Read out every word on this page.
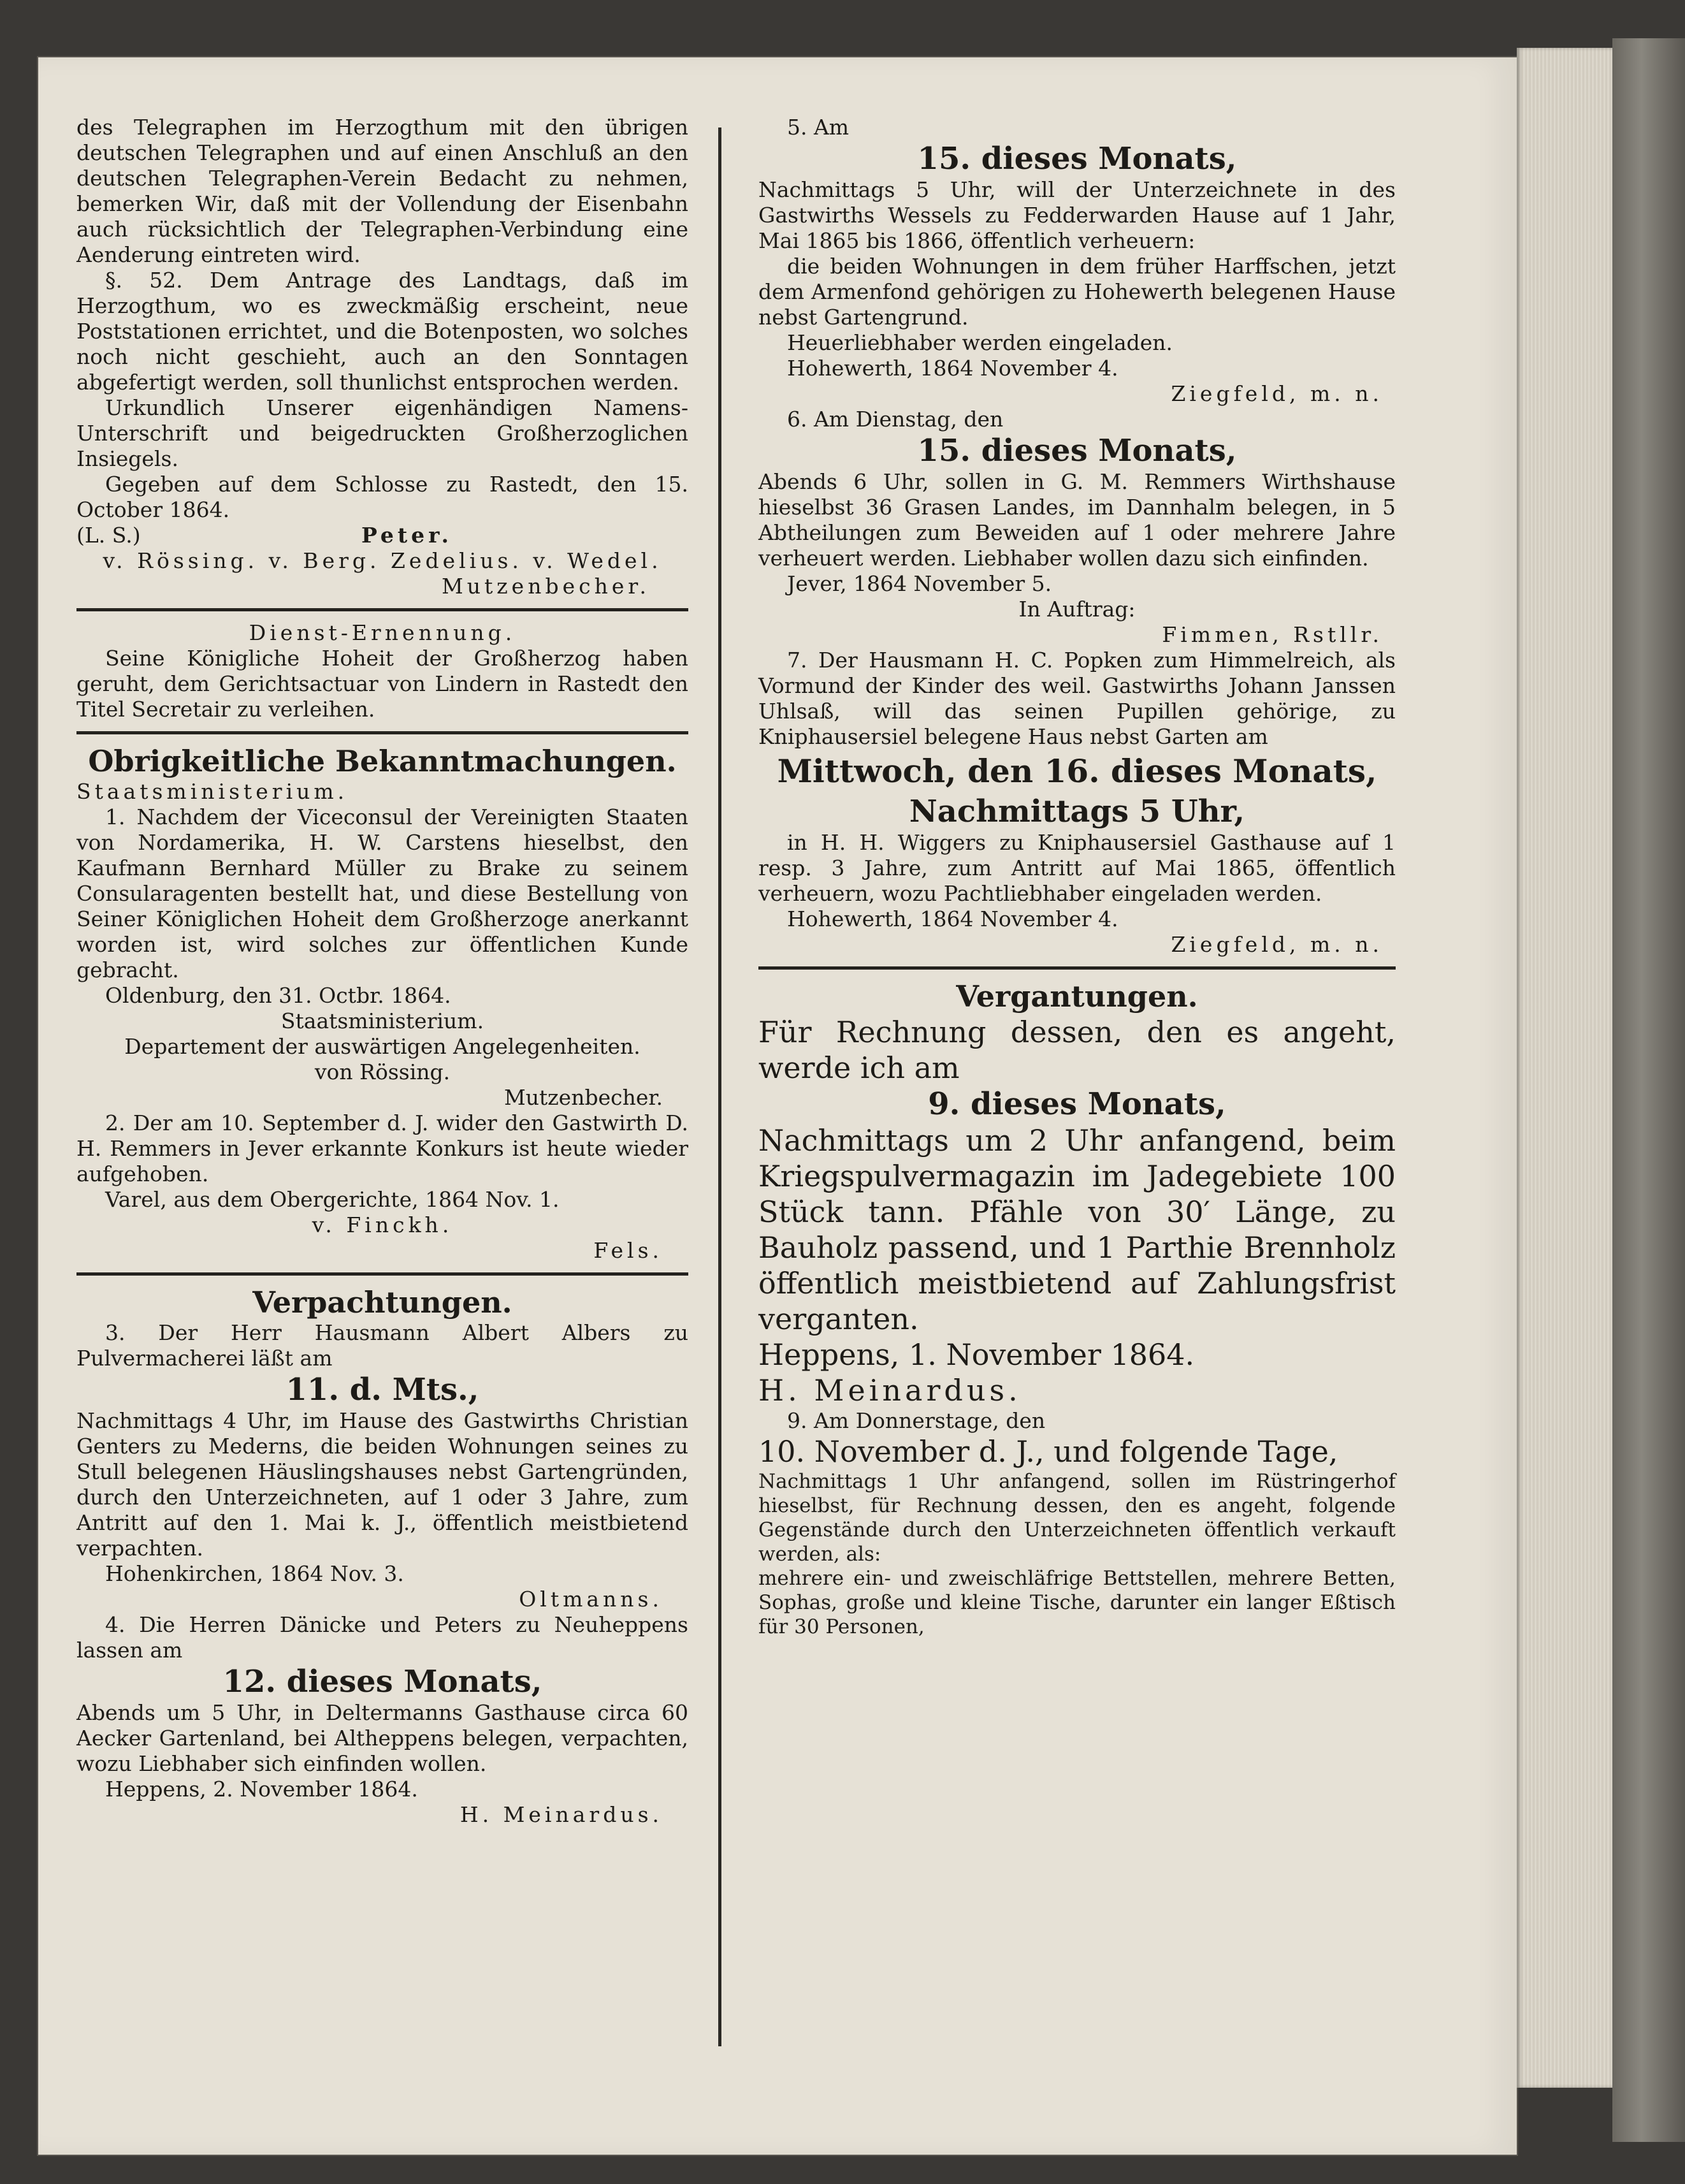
des Telegraphen im Herzogthum mit den übrigen deutschen Telegraphen und auf einen Anschluß an den deutschen Telegraphen-Verein Bedacht zu nehmen, bemerken Wir, daß mit der Vollendung der Eisenbahn auch rücksichtlich der Telegraphen-Verbindung eine Aenderung eintreten wird.

§. 52. Dem Antrage des Landtags, daß im Herzogthum, wo es zweckmäßig erscheint, neue Poststationen errichtet, und die Botenposten, wo solches noch nicht geschieht, auch an den Sonntagen abgefertigt werden, soll thunlichst entsprochen werden.

Urkundlich Unserer eigenhändigen Namens-Unterschrift und beigedruckten Großherzoglichen Insiegels.

Gegeben auf dem Schlosse zu Rastedt, den 15. October 1864.

(L. S.)	Peter.

v. Rössing. v. Berg. Zedelius. v. Wedel.

Mutzenbecher.

Dienst-Ernennung.

Seine Königliche Hoheit der Großherzog haben geruht, dem Gerichtsactuar von Lindern in Rastedt den Titel Secretair zu verleihen.

Obrigkeitliche Bekanntmachungen.

Staatsministerium.

1. Nachdem der Viceconsul der Vereinigten Staaten von Nordamerika, H. W. Carstens hieselbst, den Kaufmann Bernhard Müller zu Brake zu seinem Consularagenten bestellt hat, und diese Bestellung von Seiner Königlichen Hoheit dem Großherzoge anerkannt worden ist, wird solches zur öffentlichen Kunde gebracht.

Oldenburg, den 31. Octbr. 1864.

Staatsministerium.

Departement der auswärtigen Angelegenheiten.

von Rössing.

Mutzenbecher.

2. Der am 10. September d. J. wider den Gastwirth D. H. Remmers in Jever erkannte Konkurs ist heute wieder aufgehoben.

Varel, aus dem Obergerichte, 1864 Nov. 1.

v. Finckh.

Fels.

Verpachtungen.

3. Der Herr Hausmann Albert Albers zu Pulvermacherei läßt am

11. d. Mts.,

Nachmittags 4 Uhr, im Hause des Gastwirths Christian Genters zu Mederns, die beiden Wohnungen seines zu Stull belegenen Häuslingshauses nebst Gartengründen, durch den Unterzeichneten, auf 1 oder 3 Jahre, zum Antritt auf den 1. Mai k. J., öffentlich meistbietend verpachten.

Hohenkirchen, 1864 Nov. 3.

Oltmanns.

4. Die Herren Dänicke und Peters zu Neuheppens lassen am

12. dieses Monats,

Abends um 5 Uhr, in Deltermanns Gasthause circa 60 Aecker Gartenland, bei Altheppens belegen, verpachten, wozu Liebhaber sich einfinden wollen.

Heppens, 2. November 1864.

H. Meinardus.

5. Am

15. dieses Monats,

Nachmittags 5 Uhr, will der Unterzeichnete in des Gastwirths Wessels zu Fedderwarden Hause auf 1 Jahr, Mai 1865 bis 1866, öffentlich verheuern:

die beiden Wohnungen in dem früher Harffschen, jetzt dem Armenfond gehörigen zu Hohewerth belegenen Hause nebst Gartengrund.

Heuerliebhaber werden eingeladen.

Hohewerth, 1864 November 4.

Ziegfeld, m. n.

6. Am Dienstag, den

15. dieses Monats,

Abends 6 Uhr, sollen in G. M. Remmers Wirthshause hieselbst 36 Grasen Landes, im Dannhalm belegen, in 5 Abtheilungen zum Beweiden auf 1 oder mehrere Jahre verheuert werden. Liebhaber wollen dazu sich einfinden.

Jever, 1864 November 5.

In Auftrag:

Fimmen, Rstllr.

7. Der Hausmann H. C. Popken zum Himmelreich, als Vormund der Kinder des weil. Gastwirths Johann Janssen Uhlsaß, will das seinen Pupillen gehörige, zu Kniphausersiel belegene Haus nebst Garten am

Mittwoch, den 16. dieses Monats,

Nachmittags 5 Uhr,

in H. H. Wiggers zu Kniphausersiel Gasthause auf 1 resp. 3 Jahre, zum Antritt auf Mai 1865, öffentlich verheuern, wozu Pachtliebhaber eingeladen werden.

Hohewerth, 1864 November 4.

Ziegfeld, m. n.

Vergantungen.

Für Rechnung dessen, den es angeht, werde ich am

9. dieses Monats,

Nachmittags um 2 Uhr anfangend, beim Kriegspulvermagazin im Jadegebiete 100 Stück tann. Pfähle von 30′ Länge, zu Bauholz passend, und 1 Parthie Brennholz öffentlich meistbietend auf Zahlungsfrist verganten.

Heppens, 1. November 1864.

H. Meinardus.

9. Am Donnerstage, den

10. November d. J., und folgende Tage,

Nachmittags 1 Uhr anfangend, sollen im Rüstringerhof hieselbst, für Rechnung dessen, den es angeht, folgende Gegenstände durch den Unterzeichneten öffentlich verkauft werden, als:

mehrere ein- und zweischläfrige Bettstellen, mehrere Betten, Sophas, große und kleine Tische, darunter ein langer Eßtisch für 30 Personen,
